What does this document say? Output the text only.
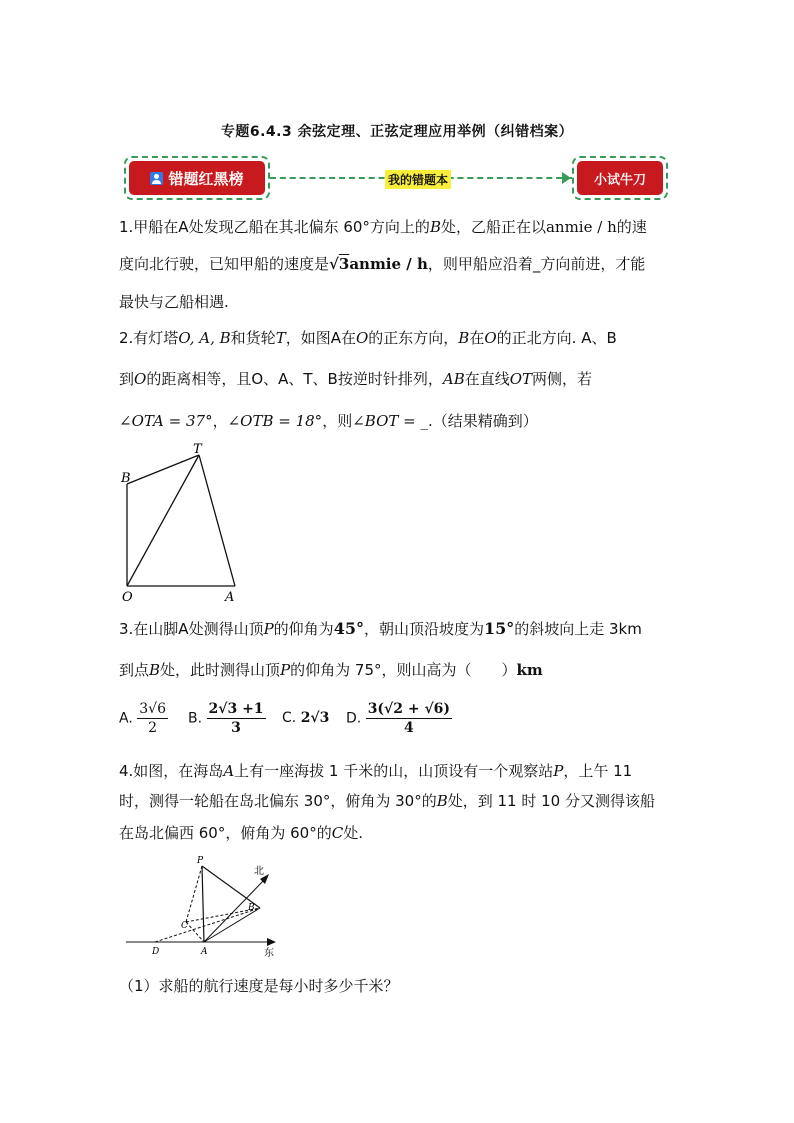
专题6.4.3 余弦定理、正弦定理应用举例（纠错档案）
错题红黑榜	我的错题本	小试牛刀
1.甲船在A处发现乙船在其北偏东 60°方向上的B处，乙船正在以anmie / h的速
度向北行驶，已知甲船的速度是√3anmie / h，则甲船应沿着_方向前进，才能
最快与乙船相遇.
2.有灯塔O, A, B和货轮T，如图A在O的正东方向，B在O的正北方向. A、B
到O的距离相等，且O、A、T、B按逆时针排列，AB在直线OT两侧，若
∠OTA = 37°，∠OTB = 18°，则∠BOT = _.（结果精确到）
B
T
O	A
3.在山脚A处测得山顶P的仰角为45°，朝山顶沿坡度为15°的斜坡向上走 3km
到点B处，此时测得山顶P的仰角为 75°，则山高为（　　）km
A. $\frac{3√6}{2} B$. $\frac{2√3 +1}{3} C$. 2√3 D. $\frac{3(√2 + √6)}{4}$
4.如图，在海岛A上有一座海拔 1 千米的山，山顶设有一个观察站P，上午 11
时，测得一轮船在岛北偏东 30°，俯角为 30°的B处，到 11 时 10 分又测得该船
在岛北偏西 60°，俯角为 60°的C处.
P
北
东
C
B
D	A
（1）求船的航行速度是每小时多少千米？
